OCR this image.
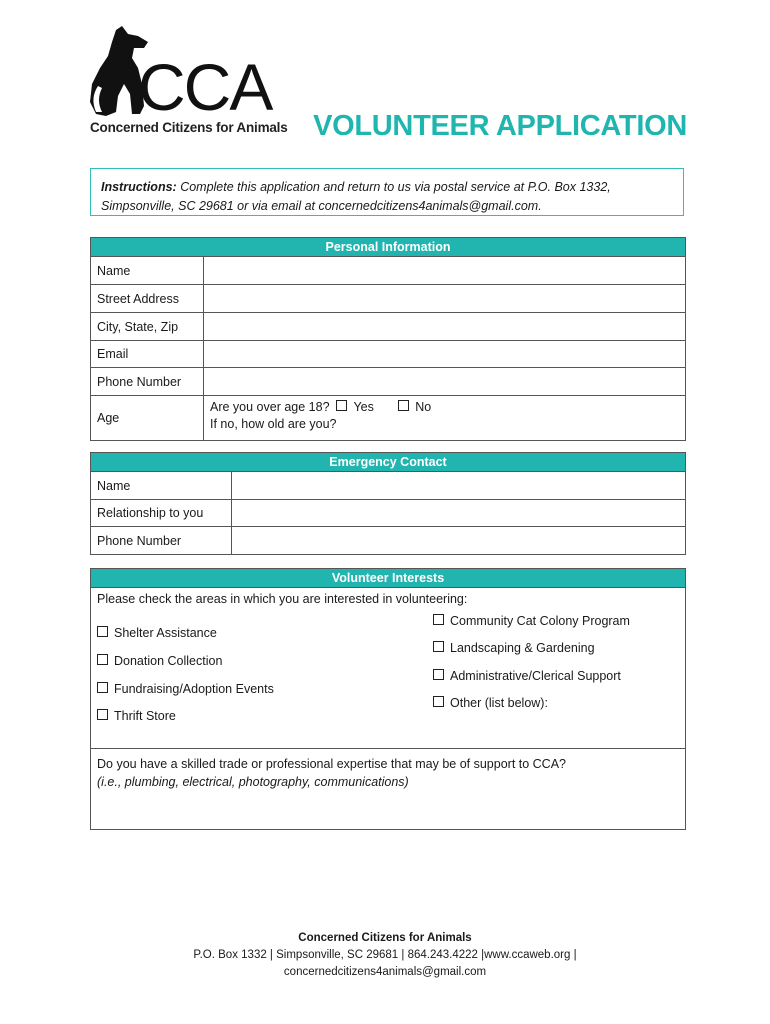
CCA
Concerned Citizens for Animals VOLUNTEER APPLICATION
Instructions: Complete this application and return to us via postal service at P.O. Box 1332,
Simpsonville, SC 29681 or via email at concernedcitizens4animals@gmail.com.
Personal Information
Name
Street Address
City, State, Zip
Email
Phone Number
Age
Are you over age 18? Yes	No
If no, how old are you?
Emergency Contact
Name
Relationship to you
Phone Number
Volunteer Interests
Please check the areas in which you are interested in volunteering:
Shelter Assistance
Donation Collection
Fundraising/Adoption Events
Thrift Store
Community Cat Colony Program
Landscaping & Gardening
Administrative/Clerical Support
Other (list below):
Do you have a skilled trade or professional expertise that may be of support to CCA?
(i.e., plumbing, electrical, photography, communications)
Concerned Citizens for Animals
P.O. Box 1332 | Simpsonville, SC 29681 | 864.243.4222 |www.ccaweb.org |
concernedcitizens4animals@gmail.com
